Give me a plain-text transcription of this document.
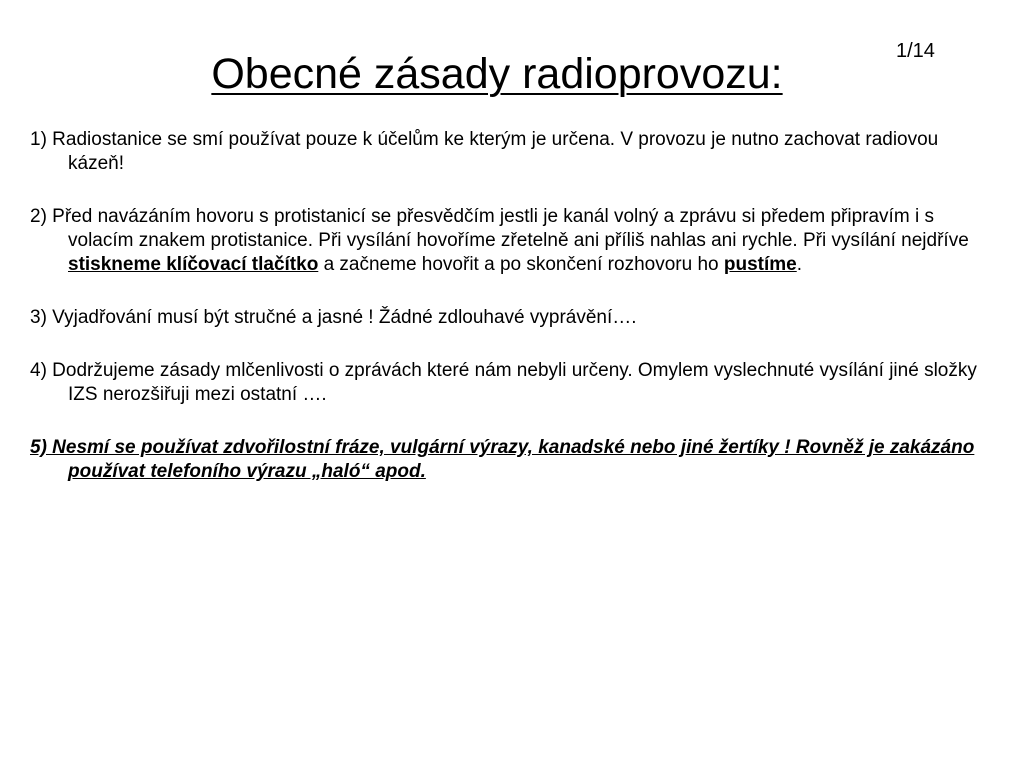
1/14
Obecné zásady radioprovozu:

1) Radiostanice se smí používat pouze k účelům ke kterým je určena. V provozu je nutno zachovat radiovou kázeň!

2) Před navázáním hovoru s protistanicí se přesvědčím jestli je kanál volný a zprávu si předem připravím i s volacím znakem protistanice. Při vysílání hovoříme zřetelně ani příliš nahlas ani rychle. Při vysílání nejdříve stiskneme klíčovací tlačítko a začneme hovořit a po skončení rozhovoru ho pustíme.

3) Vyjadřování musí být stručné a jasné ! Žádné zdlouhavé vyprávění….

4) Dodržujeme zásady mlčenlivosti o zprávách které nám nebyli určeny. Omylem vyslechnuté vysílání jiné složky IZS nerozšiřuji mezi ostatní ….

5) Nesmí se používat zdvořilostní fráze, vulgární výrazy, kanadské nebo jiné žertíky ! Rovněž je zakázáno používat telefoního výrazu „haló“ apod.
